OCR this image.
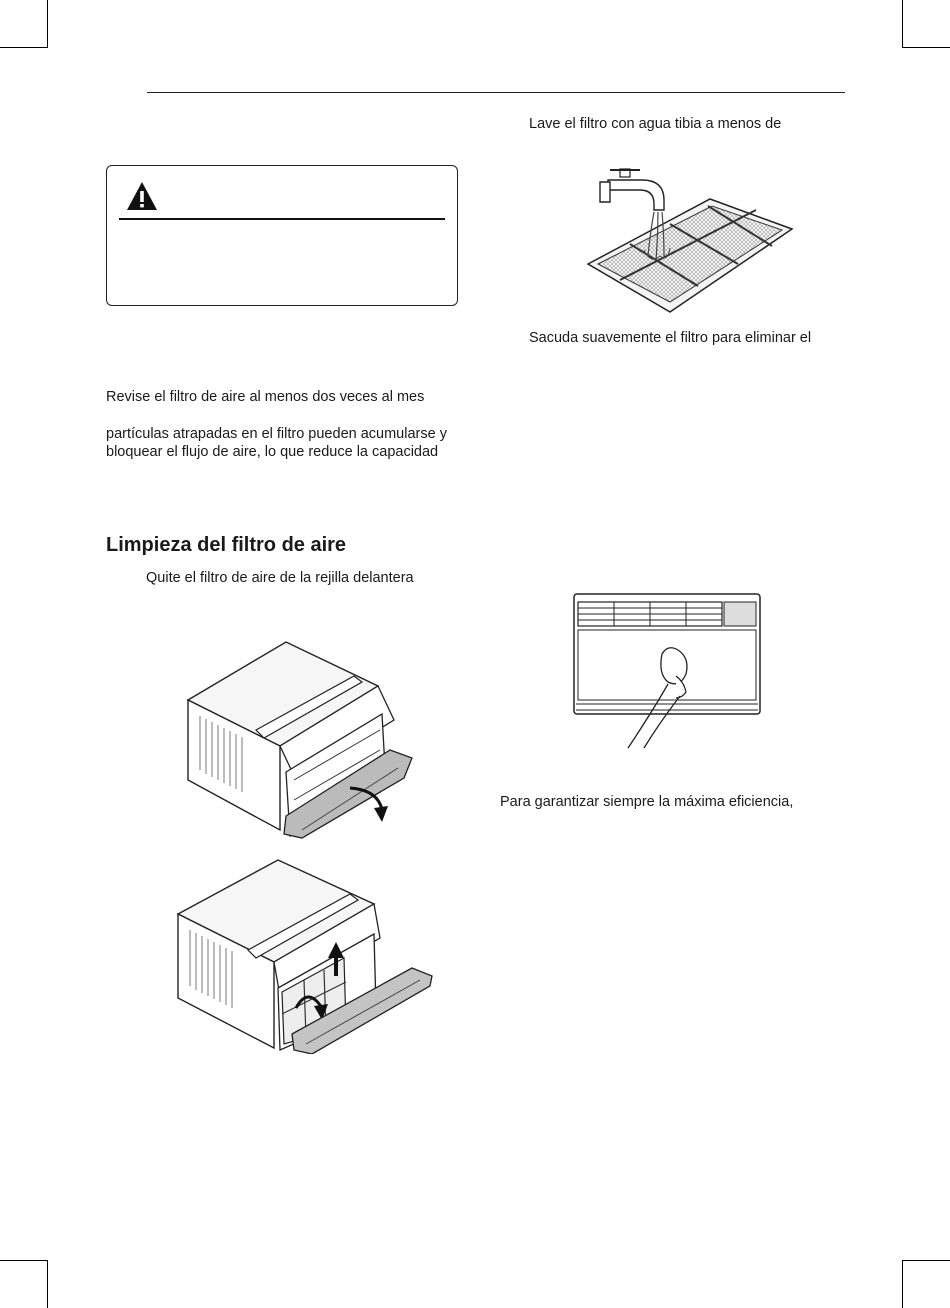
Revise el filtro de aire al menos dos veces al mes
partículas atrapadas en el filtro pueden acumularse y
bloquear el flujo de aire, lo que reduce la capacidad
Limpieza del filtro de aire
Quite el filtro de aire de la rejilla delantera
Lave el filtro con agua tibia a menos de
Sacuda suavemente el filtro para eliminar el
Para garantizar siempre la máxima eficiencia,
